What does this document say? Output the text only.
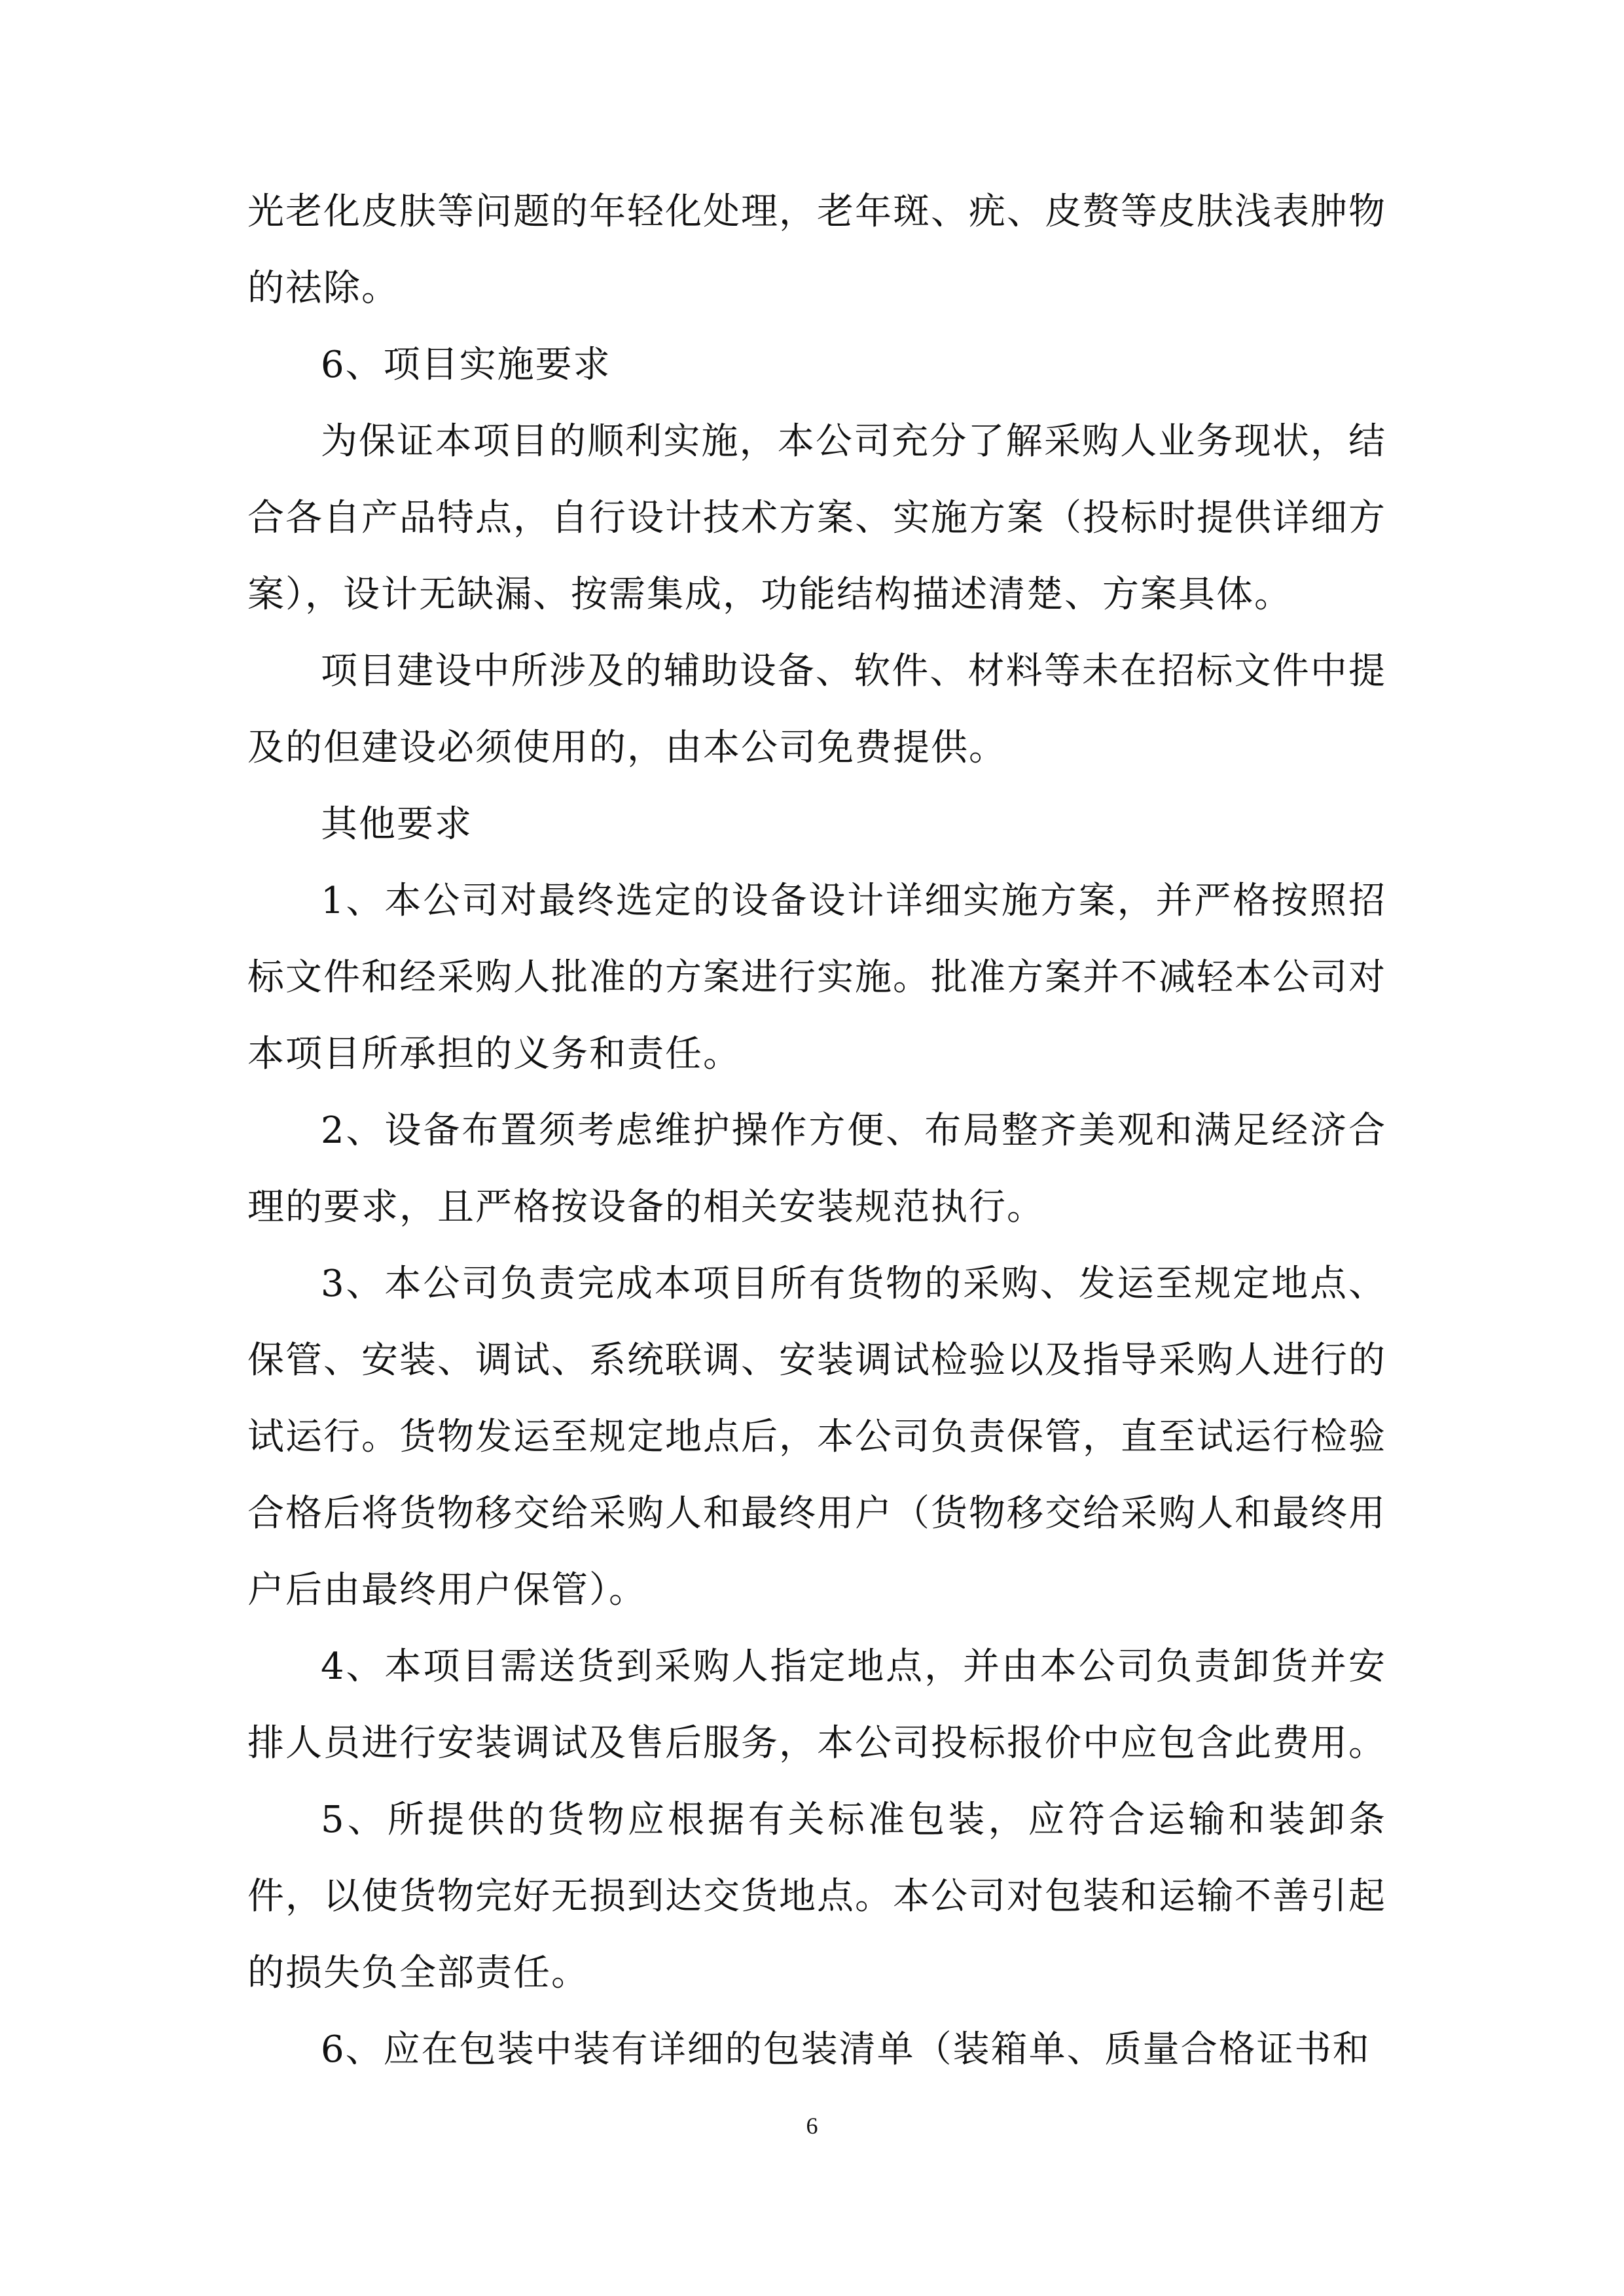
光老化皮肤等问题的年轻化处理，老年斑、疣、皮赘等皮肤浅表肿物的祛除。

6、项目实施要求

为保证本项目的顺利实施，本公司充分了解采购人业务现状，结合各自产品特点，自行设计技术方案、实施方案（投标时提供详细方案），设计无缺漏、按需集成，功能结构描述清楚、方案具体。

项目建设中所涉及的辅助设备、软件、材料等未在招标文件中提及的但建设必须使用的，由本公司免费提供。

其他要求

1、本公司对最终选定的设备设计详细实施方案，并严格按照招标文件和经采购人批准的方案进行实施。批准方案并不减轻本公司对本项目所承担的义务和责任。

2、设备布置须考虑维护操作方便、布局整齐美观和满足经济合理的要求，且严格按设备的相关安装规范执行。

3、本公司负责完成本项目所有货物的采购、发运至规定地点、保管、安装、调试、系统联调、安装调试检验以及指导采购人进行的试运行。货物发运至规定地点后，本公司负责保管，直至试运行检验合格后将货物移交给采购人和最终用户（货物移交给采购人和最终用户后由最终用户保管）。

4、本项目需送货到采购人指定地点，并由本公司负责卸货并安排人员进行安装调试及售后服务，本公司投标报价中应包含此费用。

5、所提供的货物应根据有关标准包装，应符合运输和装卸条件，以使货物完好无损到达交货地点。本公司对包装和运输不善引起的损失负全部责任。

6、应在包装中装有详细的包装清单（装箱单、质量合格证书和

6
